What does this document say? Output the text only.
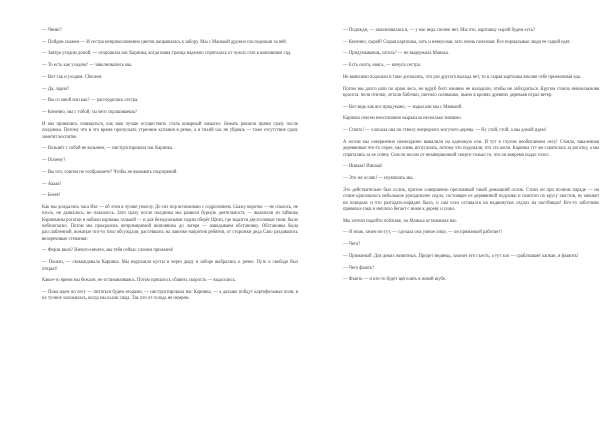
— Чиииi?

— Пойдем скажем — И сестра неприкосновенно цветов направилась к забору. Мы с Манькой дружно последовали за ней.

— Завтра уходим домой, — огорошила нас Каринка, когда наша троица надежно спряталась от чужих глаз в шиповнике сад.

— То есть как уходим? — заволновались мы.

— Вот так и уходим. Сбегаем.

— Да, ладно?

— Вы со мной или как? — рассердилась сестра.

— Конечно, мы с тобой, ты чего спрашиваешь?

И мы принялись совещаться, как нам лучше осуществить столь коварный замысел. Бежать решили прямо сразу после полдника. Потому что в это время пропускать утренние купания в речке, а в тихий час не уйдешь — тоже отсутствие сразу заметят воспитке.

— Возьмёт с собой не возьмем, — инструктировала нас Каринка.

— Почему?

— Вы что, совсем не соображаете? Чтобы не вызывать подозрений.

— Ааааа!

— Бееее!

Как мы дождались часа Икс — об этом я лучше умолчу. До сих пор вспоминаю с содроганием. Скажу коротко — не спалось, не елось, не дышалось, не плакалось. Зато сразу после полдника мы развели бурную деятельность — выкопали из тайника Каринкины рогатки и набили карманы галькой — и для безоружными ходим сберёг Щели, где водится двухголовые тиии, было небезопасно. Потом мы прокрались непримиримой шиповника до лагеря — наведываем обстановку. Обстановка была расслабленной, вожатые что-то тихо обсуждали, рассевшись на лавочке напротив ребятни, от сторожки деда Сако раздавались велеречивые стенания:

— Ферзи вило? Ничего-ничего, мы тебя сейчас слоном прижмем!

— Пошли, — скомандовала Каринка. Мы нарушили кусты и через дыру в заборе выбрались к речке. Путь к свободе был открыт!

Какое-то время мы бежали, не останавливаясь. Потом пришлось сбавить скорость — выдохлись.

— Пока идем по лесу — питаться будем ягодами, — инструктировала нас Каринка, — а дальше пойдут картофельные поля, в их тучное заложилась, когда мы ехали сюда. Так что от голода не помрем.

— Подожди, — заволновалась я, — у нас ведь спичек нет. Мы что, картошку сырой будем есть?

— Конечно, сырой! Сырая картошка, хоть и невкусная, зато очень полезная. Все нормальные люди ее сырой едят.

— Придумываешь, штоль? — не выдержала Манька.

— Есть охота, ноясь, — кинула сестра.

Не выясняли подошли и таки догнались, что раз другого выхода нет, то и сырая картошка вполне себе приемлемая еда.

Потом мы долго шли по краю леса, но вдруб болт оживно не находили, чтобы не заблудиться. Кругом стояла невиолакновя красота: пели птички, летали бабочки, светило солнышко, пьяно в кронях древних деревьев играл ветер.

— Вот ведь как все придумано, — вздыхали мы с Манькой.

Каринка совсем неосознанно выражала несколько значимо.

— Стоять! — хлопала она по стволу очередного могучего дерева. — Ну стой, стой, а мы домой идем!

А потом мы совершенно неожиданно вывалили на одинокую ели. И тут в глухом необитаемом лесу! Стояла, заваленная деревянные что-то серое, мы очень испугались, потому что подумали, что это жели. Каринка тут же схватилась за рогатку, а мы спрятались за ее спину. Спасли носом от незавершенной смерти только то, что он вовремя подал голос.

— Иииааа! Иииааа!

— Это же ослик! — изумились мы.

Это действительно был ослик, притом совершенно пресвачный такой домашний ослик. Стоял он при полном параде — на спине красовалось небольшое рукодельное седло, состоящее из деревянной подушки и сшитого по кругу хвостов, ну мешкет на поводьях и что разгадать-нарядно было, и сам осел оставался на надвинутых седлах на пастбищах! Кто-то заботливо привязал-таки и неплохо бегает с ними к дереву и ушел.

Мы хотели подойти поближе, но Манька остановила нас.

— Я знаю, зачем он тут, — сделала она умное лицо, — он приманкой работает!

— Чего?

— Приманкой. Для диких животных. Придет медведь, захочет его съесть, а тут хоп — срабатывает капкан, и фьюить!

— Чего фьють?

— Фьють — и кто-то будет щеголять в новой шубе.
